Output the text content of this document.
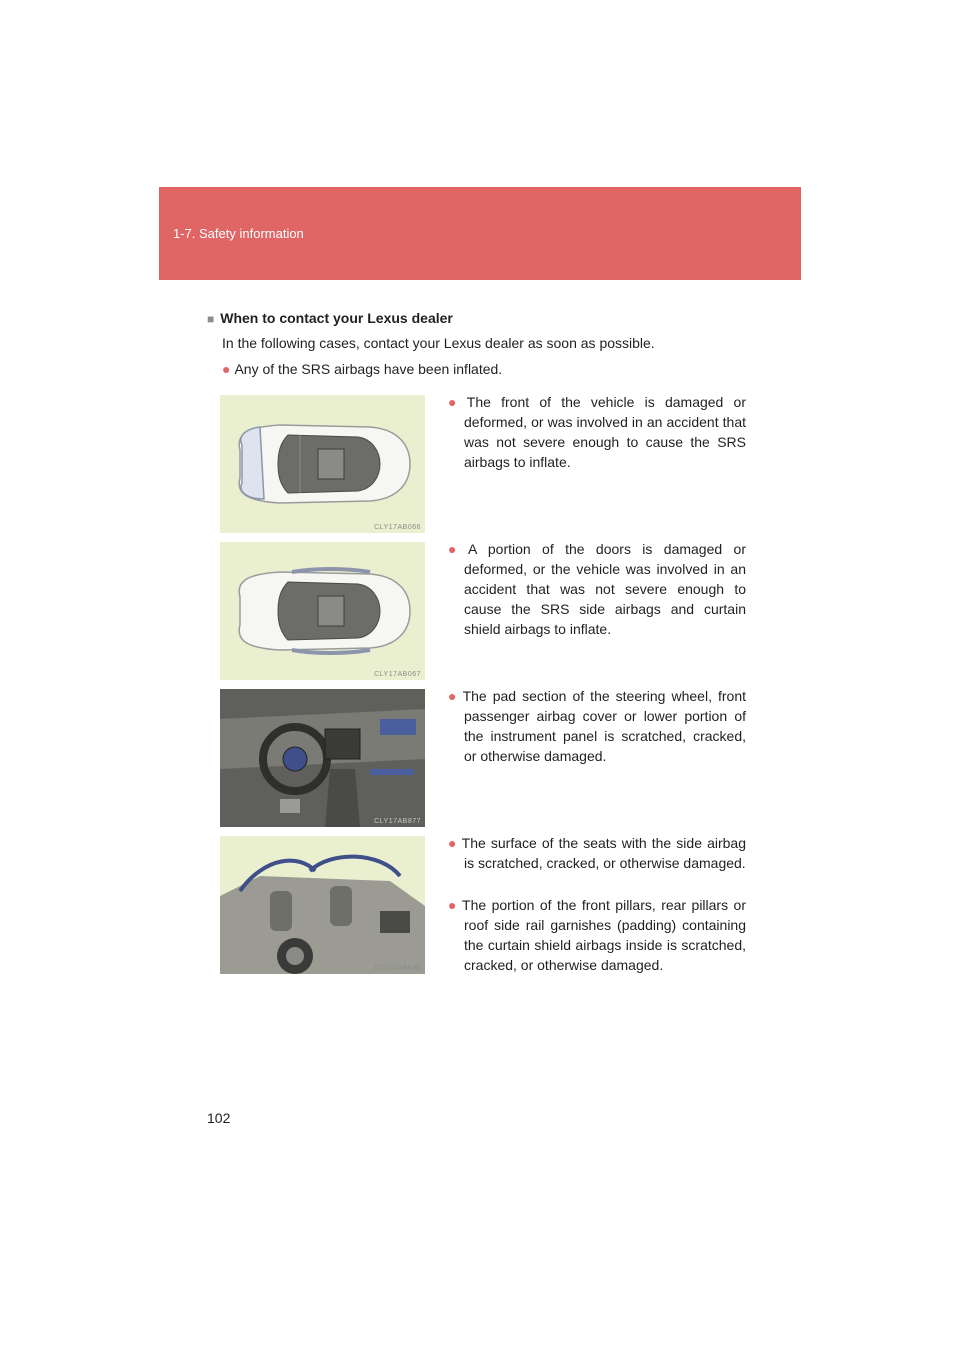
1-7. Safety information
■ When to contact your Lexus dealer
In the following cases, contact your Lexus dealer as soon as possible.
● Any of the SRS airbags have been inflated.
CLY17AB066
● The front of the vehicle is damaged or deformed, or was involved in an accident that was not severe enough to cause the SRS airbags to inflate.
CLY17AB067
● A portion of the doors is damaged or deformed, or the vehicle was involved in an accident that was not severe enough to cause the SRS side airbags and curtain shield airbags to inflate.
CLY17AB877
● The pad section of the steering wheel, front passenger airbag cover or lower portion of the instrument panel is scratched, cracked, or otherwise damaged.
CLY17AB630
● The surface of the seats with the side airbag is scratched, cracked, or otherwise damaged.
● The portion of the front pillars, rear pillars or roof side rail garnishes (padding) containing the curtain shield airbags inside is scratched, cracked, or otherwise damaged.
102
